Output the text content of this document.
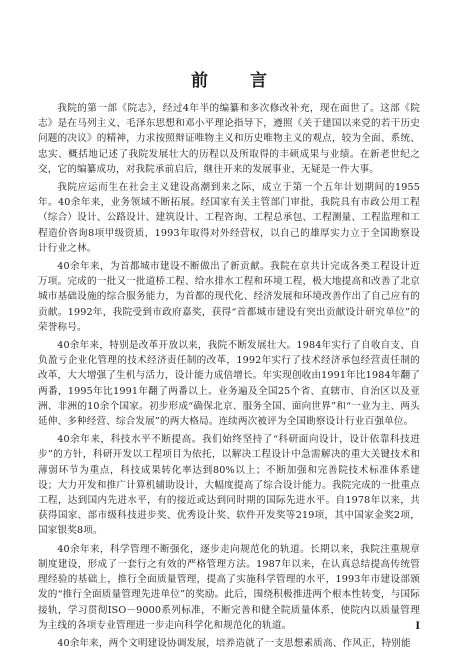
前 言

我院的第一部《院志》，经过4年半的编纂和多次修改补充，现在面世了。这部《院志》是在马列主义、毛泽东思想和邓小平理论指导下，遵照《关于建国以来党的若干历史问题的决议》的精神，力求按照辩证唯物主义和历史唯物主义的观点，较为全面、系统、忠实、概括地记述了我院发展壮大的历程以及所取得的丰硕成果与业绩。在新老世纪之交，它的编纂成功，对我院承前启后，继往开来的发展事业，无疑是一件大事。

我院应运而生在社会主义建设高潮到来之际，成立于第一个五年计划期间的1955年。40余年来，业务领域不断拓展。经国家有关主管部门审批，我院具有市政公用工程（综合）设计、公路设计、建筑设计、工程咨询、工程总承包、工程测量、工程监理和工程造价咨询8项甲级资质，1993年取得对外经营权，以自己的雄厚实力立于全国勘察设计行业之林。

40余年来，为首都城市建设不断做出了新贡献。我院在京共计完成各类工程设计近万项。完成的一批又一批道桥工程、给水排水工程和环境工程，极大地提高和改善了北京城市基础设施的综合服务能力，为首都的现代化、经济发展和环境改善作出了自己应有的贡献。1992年，我院受到市政府嘉奖，获得“首都城市建设有突出贡献设计研究单位”的荣誉称号。

40余年来，特别是改革开放以来，我院不断发展壮大。1984年实行了自收自支、自负盈亏企业化管理的技术经济责任制的改革，1992年实行了技术经济承包经营责任制的改革，大大增强了生机与活力，设计能力成倍增长。年实现创收由1991年比1984年翻了两番，1995年比1991年翻了两番以上。业务遍及全国25个省、直辖市、自治区以及亚洲、非洲的10余个国家。初步形成“确保北京、服务全国、面向世界”和“一业为主、两头延伸、多种经营、综合发展”的两大格局。连续两次被评为全国勘察设计行业百强单位。

40余年来，科技水平不断提高。我们始终坚持了“科研面向设计，设计依靠科技进步”的方针，科研开发以工程项目为依托，以解决工程设计中急需解决的重大关键技术和薄弱环节为重点，科技成果转化率达到80%以上；不断加强和完善院技术标准体系建设；大力开发和推广计算机辅助设计，大幅度提高了综合设计能力。我院完成的一批重点工程，达到国内先进水平，有的接近或达到同时期的国际先进水平。自1978年以来，共获得国家、部市级科技进步奖、优秀设计奖、软件开发奖等219项，其中国家金奖2项，国家银奖8项。

40余年来，科学管理不断强化，逐步走向规范化的轨道。长期以来，我院注重规章制度建设，形成了一套行之有效的严格管理方法。1987年以来，在认真总结提高传统管理经验的基础上，推行全面质量管理，提高了实施科学管理的水平，1993年市建设部颁发的“推行全面质量管理先进单位”的奖励。此后，围绕积极推进两个根本性转变，与国际接轨，学习贯彻ISO－9000系列标准，不断完善和健全院质量体系，使院内以质量管理为主线的各项专业管理进一步走向科学化和规范化的轨道。

40余年来，两个文明建设协调发展，培养造就了一支思想素质高、作风正，特别能

I
